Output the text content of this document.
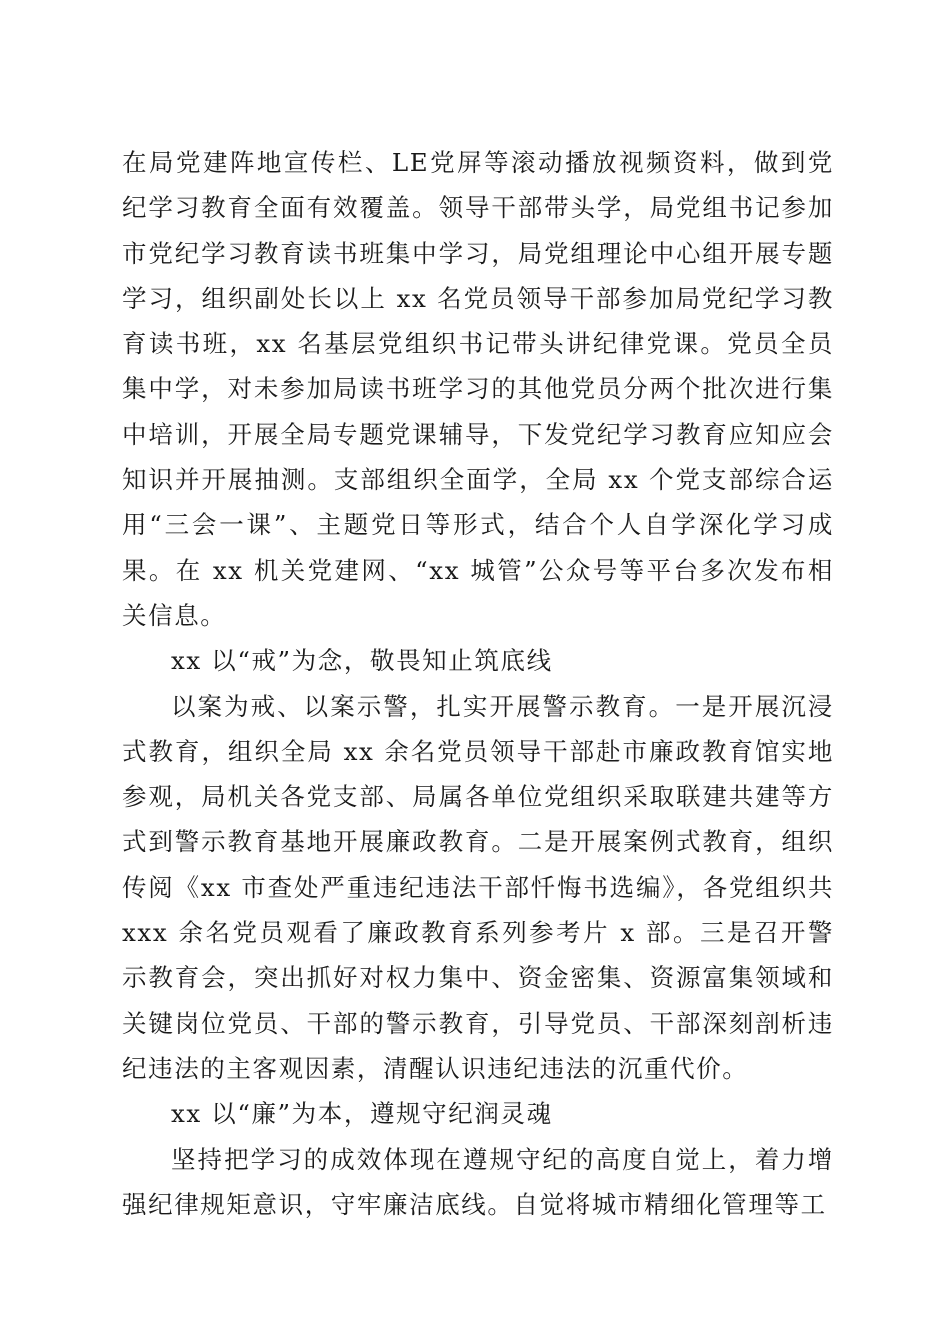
在局党建阵地宣传栏、LE党屏等滚动播放视频资料，做到党纪学习教育全面有效覆盖。领导干部带头学，局党组书记参加市党纪学习教育读书班集中学习，局党组理论中心组开展专题学习，组织副处长以上 xx 名党员领导干部参加局党纪学习教育读书班，xx 名基层党组织书记带头讲纪律党课。党员全员集中学，对未参加局读书班学习的其他党员分两个批次进行集中培训，开展全局专题党课辅导，下发党纪学习教育应知应会知识并开展抽测。支部组织全面学，全局 xx 个党支部综合运用“三会一课”、主题党日等形式，结合个人自学深化学习成果。在 xx 机关党建网、“xx 城管”公众号等平台多次发布相关信息。

xx 以“戒”为念，敬畏知止筑底线

以案为戒、以案示警，扎实开展警示教育。一是开展沉浸式教育，组织全局 xx 余名党员领导干部赴市廉政教育馆实地参观，局机关各党支部、局属各单位党组织采取联建共建等方式到警示教育基地开展廉政教育。二是开展案例式教育，组织传阅《xx 市查处严重违纪违法干部忏悔书选编》，各党组织共 xxx 余名党员观看了廉政教育系列参考片 x 部。三是召开警示教育会，突出抓好对权力集中、资金密集、资源富集领域和关键岗位党员、干部的警示教育，引导党员、干部深刻剖析违纪违法的主客观因素，清醒认识违纪违法的沉重代价。

xx 以“廉”为本，遵规守纪润灵魂

坚持把学习的成效体现在遵规守纪的高度自觉上，着力增强纪律规矩意识，守牢廉洁底线。自觉将城市精细化管理等工
